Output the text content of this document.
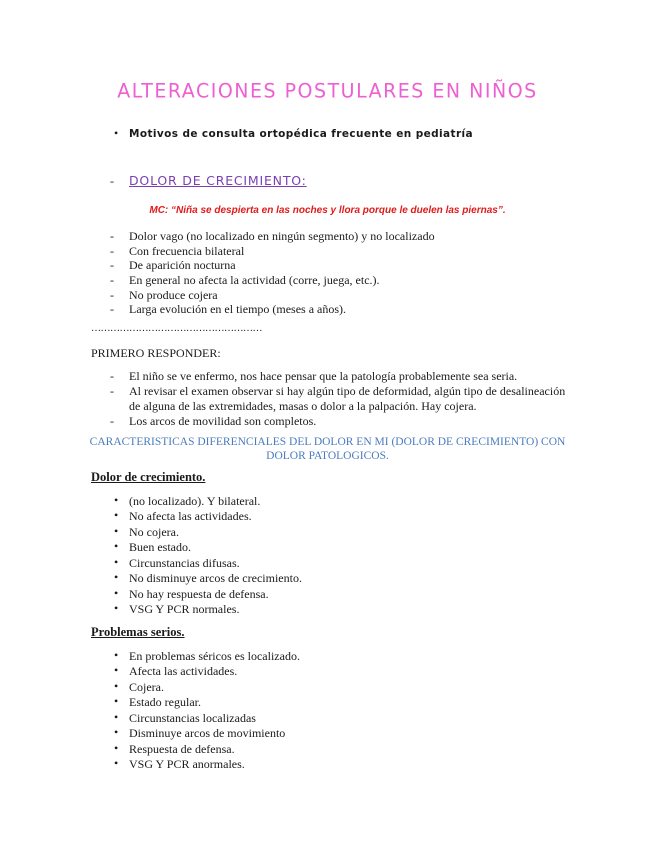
ALTERACIONES POSTULARES EN NIÑOS
• Motivos de consulta ortopédica frecuente en pediatría
- DOLOR DE CRECIMIENTO:
MC: “Niña se despierta en las noches y llora porque le duelen las piernas”.
- Dolor vago (no localizado en ningún segmento) y no localizado
- Con frecuencia bilateral
- De aparición nocturna
- En general no afecta la actividad (corre, juega, etc.).
- No produce cojera
- Larga evolución en el tiempo (meses a años).
………………………………………………
PRIMERO RESPONDER:
- El niño se ve enfermo, nos hace pensar que la patología probablemente sea seria.
- Al revisar el examen observar si hay algún tipo de deformidad, algún tipo de desalineación
de alguna de las extremidades, masas o dolor a la palpación. Hay cojera.
- Los arcos de movilidad son completos.
CARACTERISTICAS DIFERENCIALES DEL DOLOR EN MI (DOLOR DE CRECIMIENTO) CON
DOLOR PATOLOGICOS.
Dolor de crecimiento.
• (no localizado). Y bilateral.
• No afecta las actividades.
• No cojera.
• Buen estado.
• Circunstancias difusas.
• No disminuye arcos de crecimiento.
• No hay respuesta de defensa.
• VSG Y PCR normales.
Problemas serios.
• En problemas séricos es localizado.
• Afecta las actividades.
• Cojera.
• Estado regular.
• Circunstancias localizadas
• Disminuye arcos de movimiento
• Respuesta de defensa.
• VSG Y PCR anormales.
